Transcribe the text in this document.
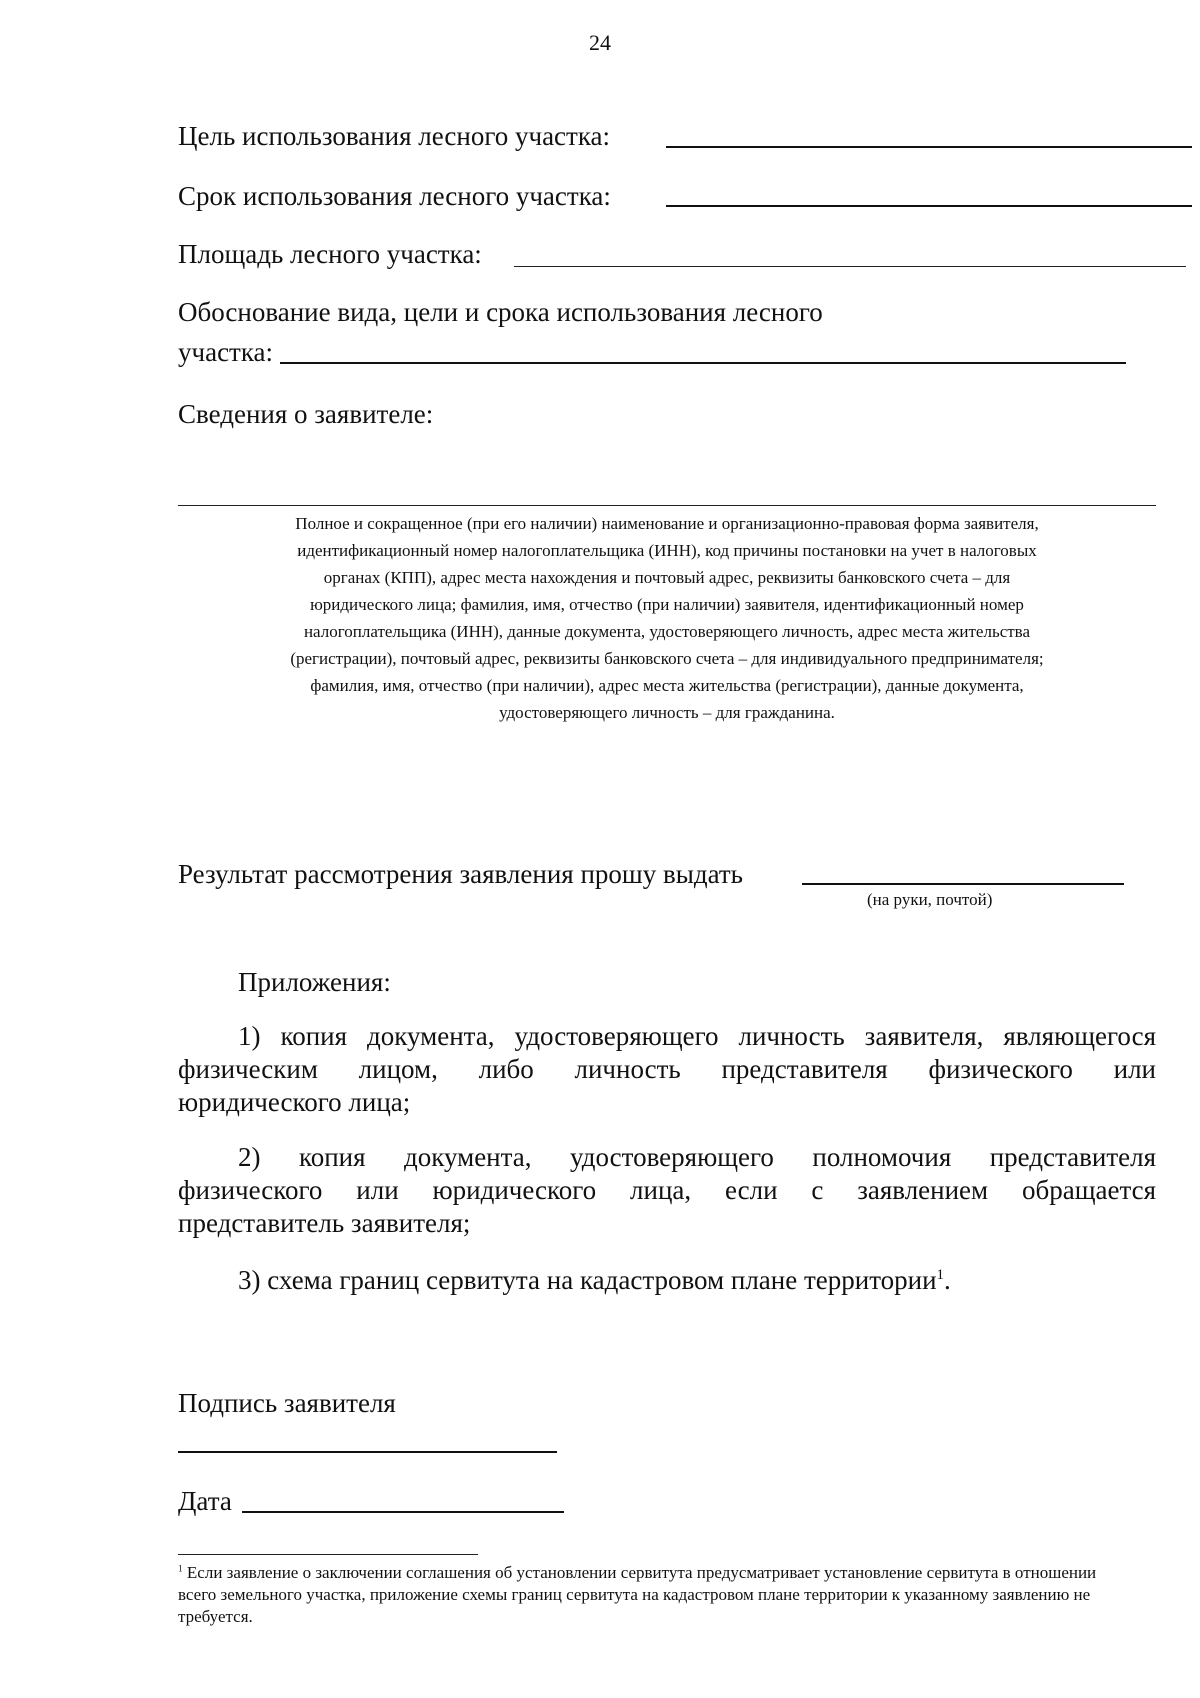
24
Цель использования лесного участка:
Срок использования лесного участка:
Площадь лесного участка:
Обоснование вида, цели и срока использования лесного
участка:
Сведения о заявителе:
Полное и сокращенное (при его наличии) наименование и организационно-правовая форма заявителя,
идентификационный номер налогоплательщика (ИНН), код причины постановки на учет в налоговых
органах (КПП), адрес места нахождения и почтовый адрес, реквизиты банковского счета – для
юридического лица; фамилия, имя, отчество (при наличии) заявителя, идентификационный номер
налогоплательщика (ИНН), данные документа, удостоверяющего личность, адрес места жительства
(регистрации), почтовый адрес, реквизиты банковского счета – для индивидуального предпринимателя;
фамилия, имя, отчество (при наличии), адрес места жительства (регистрации), данные документа,
удостоверяющего личность – для гражданина.
Результат рассмотрения заявления прошу выдать
(на руки, почтой)
Приложения:
1) копия документа, удостоверяющего личность заявителя, являющегося
физическим лицом, либо личность представителя физического или
юридического лица;
2) копия документа, удостоверяющего полномочия представителя
физического или юридического лица, если с заявлением обращается
представитель заявителя;
3) схема границ сервитута на кадастровом плане территории$^1$.
Подпись заявителя
Дата
$^1$ Если заявление о заключении соглашения об установлении сервитута предусматривает установление сервитута в отношении всего земельного участка, приложение схемы границ сервитута на кадастровом плане территории к указанному заявлению не требуется.
